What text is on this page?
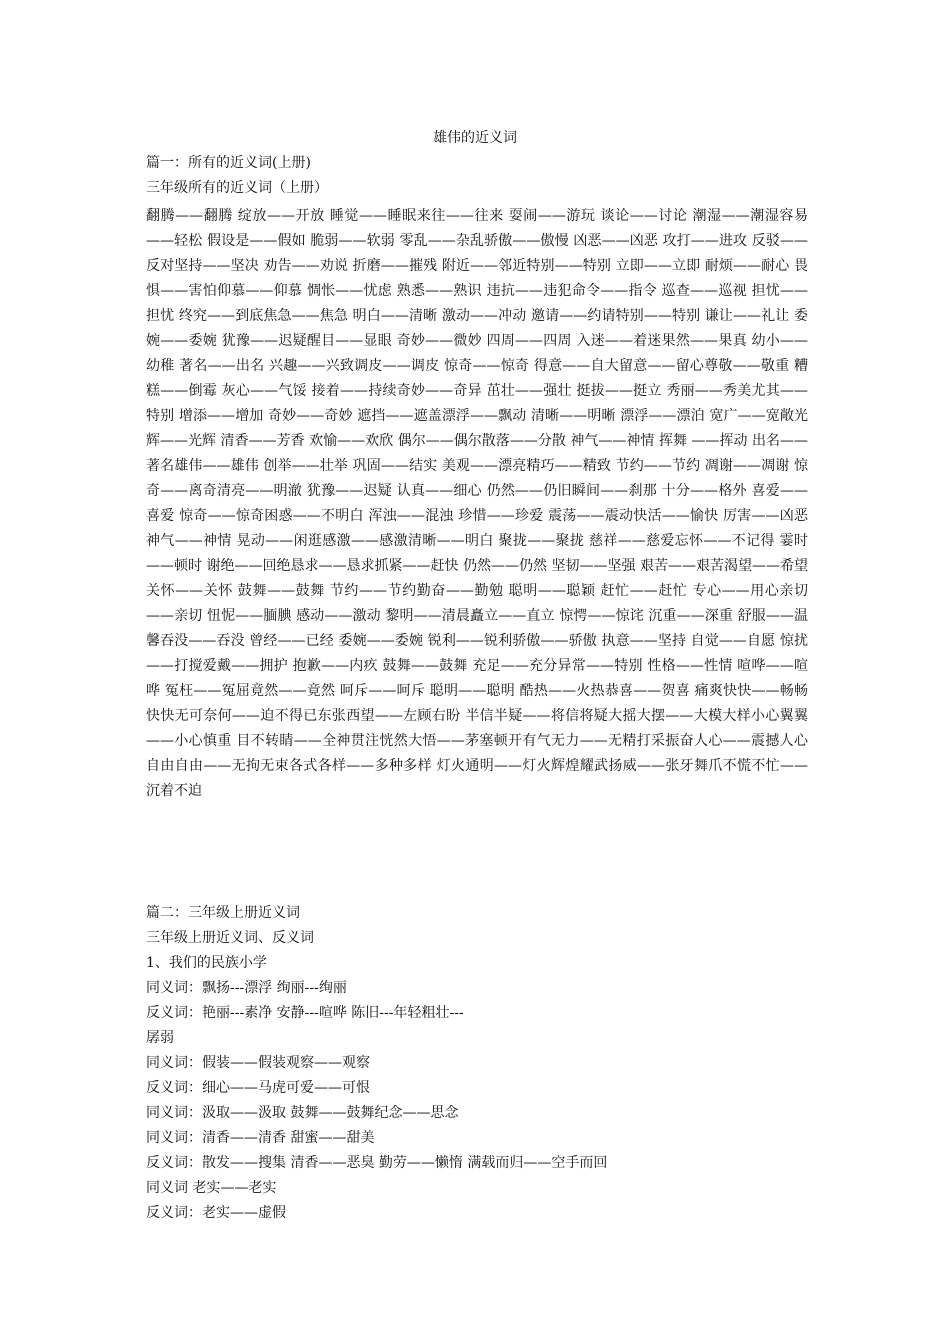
雄伟的近义词
篇一：所有的近义词(上册)
三年级所有的近义词（上册）
翻腾——翻腾 绽放——开放 睡觉——睡眠来往——往来 耍闹——游玩 谈论——讨论 潮湿——潮湿容易——轻松 假设是——假如 脆弱——软弱 零乱——杂乱骄傲——傲慢 凶恶——凶恶 攻打——进攻 反驳——反对坚持——坚决 劝告——劝说 折磨——摧残 附近——邻近特别——特别 立即——立即 耐烦——耐心 畏惧——害怕仰慕——仰慕 惆怅——忧虑 熟悉——熟识 违抗——违犯命令——指令 巡查——巡视 担忧——担忧 终究——到底焦急——焦急 明白——清晰 激动——冲动 邀请——约请特别——特别 谦让——礼让 委婉——委婉 犹豫——迟疑醒目——显眼 奇妙——微妙 四周——四周 入迷——着迷果然——果真 幼小——幼稚 著名——出名 兴趣——兴致调皮——调皮 惊奇——惊奇 得意——自大留意——留心尊敬——敬重 糟糕——倒霉 灰心——气馁 接着——持续奇妙——奇异 茁壮——强壮 挺拔——挺立 秀丽——秀美尤其——特别 增添——增加 奇妙——奇妙 遮挡——遮盖漂浮——飘动 清晰——明晰 漂浮——漂泊 宽广——宽敞光辉——光辉 清香——芳香 欢愉——欢欣 偶尔——偶尔散落——分散 神气——神情 挥舞 ——挥动 出名——著名雄伟——雄伟 创举——壮举 巩固——结实 美观——漂亮精巧——精致 节约——节约 凋谢——凋谢 惊奇——离奇清亮——明澈 犹豫——迟疑 认真——细心 仍然——仍旧瞬间——刹那 十分——格外 喜爱——喜爱 惊奇——惊奇困惑——不明白 浑浊——混浊 珍惜——珍爱 震荡——震动快活——愉快 厉害——凶恶 神气——神情 晃动——闲逛感激——感激清晰——明白 聚拢——聚拢 慈祥——慈爱忘怀——不记得 霎时——顿时 谢绝——回绝恳求——恳求抓紧——赶快 仍然——仍然 坚韧——坚强 艰苦——艰苦渴望——希望 关怀——关怀 鼓舞——鼓舞 节约——节约勤奋——勤勉 聪明——聪颖 赶忙——赶忙 专心——用心亲切——亲切 忸怩——腼腆 感动——激动 黎明——清晨矗立——直立 惊愕——惊诧 沉重——深重 舒服——温馨吞没——吞没 曾经——已经 委婉——委婉 锐利——锐利骄傲——骄傲 执意——坚持 自觉——自愿 惊扰——打搅爱戴——拥护 抱歉——内疚 鼓舞——鼓舞 充足——充分异常——特别 性格——性情 喧哗——喧哗 冤枉——冤屈竟然——竟然 呵斥——呵斥 聪明——聪明 酷热——火热恭喜——贺喜 痛爽快快——畅畅快快无可奈何——迫不得已东张西望——左顾右盼 半信半疑——将信将疑大摇大摆——大模大样小心翼翼——小心慎重 目不转睛——全神贯注恍然大悟——茅塞顿开有气无力——无精打采振奋人心——震撼人心自由自由——无拘无束各式各样——多种多样 灯火通明——灯火辉煌耀武扬威——张牙舞爪不慌不忙——沉着不迫
篇二：三年级上册近义词
三年级上册近义词、反义词
1、我们的民族小学
同义词：飘扬---漂浮 绚丽---绚丽
反义词：艳丽---素净 安静---喧哗 陈旧---年轻粗壮---
孱弱
同义词：假装——假装观察——观察
反义词：细心——马虎可爱——可恨
同义词：汲取——汲取 鼓舞——鼓舞纪念——思念
同义词：清香——清香 甜蜜——甜美
反义词：散发——搜集 清香——恶臭 勤劳——懒惰 满载而归——空手而回
同义词 老实——老实
反义词：老实——虚假
